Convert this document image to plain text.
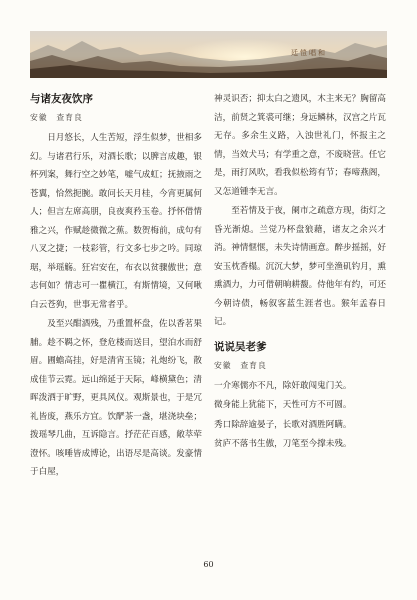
廷愷唱和
与诸友夜饮序
安徽　查育良

日月悠长，人生苦短，浮生似梦，世相多幻。与诸君行乐，对酒长歌；以脾言成趣，银杯列案，舞行空之妙笔，嘘气成虹；抚掖雨之苍翼，恰然扼腕。敢问长天月桂，今宵更属何人；但言左席高朋，良夜爽矜玉卷。抒怀借情雅之兴，作赋趁微微之蕉。数贺梅前，成句有八叉之捷；一枝彩管，行文多七步之吟。同琼琚，举瑶觞。狂宕安在，布衣以贫骤傲世；意志何如？情志可一瞿横江，有斯情境，又何啾白云苍狗，世事无常者乎。

及至兴酣酒残，乃重置杯盘，佐以香茗果脯。趁不羁之怀，登危楼而送目，望泊水而舒眉。圃蟾高挂，好是清宵玉镜；礼炮纷飞，散成佳节云霓。远山绵延于天际，峰横黛色；清晖泼洒于旷野，更具风仪。观斯景也，于是冗礼皆废，燕乐方宜。饮酽茶一盏，堪浇块垒；拨瑶琴几曲，互诉隐言。抒茫茫百感，敞萃荦澄怀。咳唾皆成博论，出语尽是高谈。发豪情于白屋，

神灵识否；抑太白之遗风，木主来无？胸留高洁，前贤之箕裘可继；身远鳞林，汉宫之片瓦无存。多余生义路，入浊世礼门，怀报主之情，当效犬马；有学重之意，不废晓营。任它是，雨打风吹，看我似松筠有节；春啼燕阁，又怎道锺李无言。

至若情及于夜，阑市之疏意方现，街灯之昏光渐熄。兰觉乃杯盘狼藉，诸友之余兴才消。神情惬惬，未失诗情画意。醉步摇摇，好安玉枕香榻。沉沉大梦，梦可坐渔矶钓月，熏熏酒力，力可借朝晌耕馥。侍他年有约，可还今朝诗债，畅叙客蓝生涯者也。猴年孟春日记。

说说吴老爹
安徽　查育良

一介寒儒亦不凡，除奸敢闯鬼门关。

微身能上犹能下，天性可方不可圆。

秀口除辞逾晏子，长歌对酒胜阿瞒。

贫庐不落书生傲，刀笔至今撑未残。

60
